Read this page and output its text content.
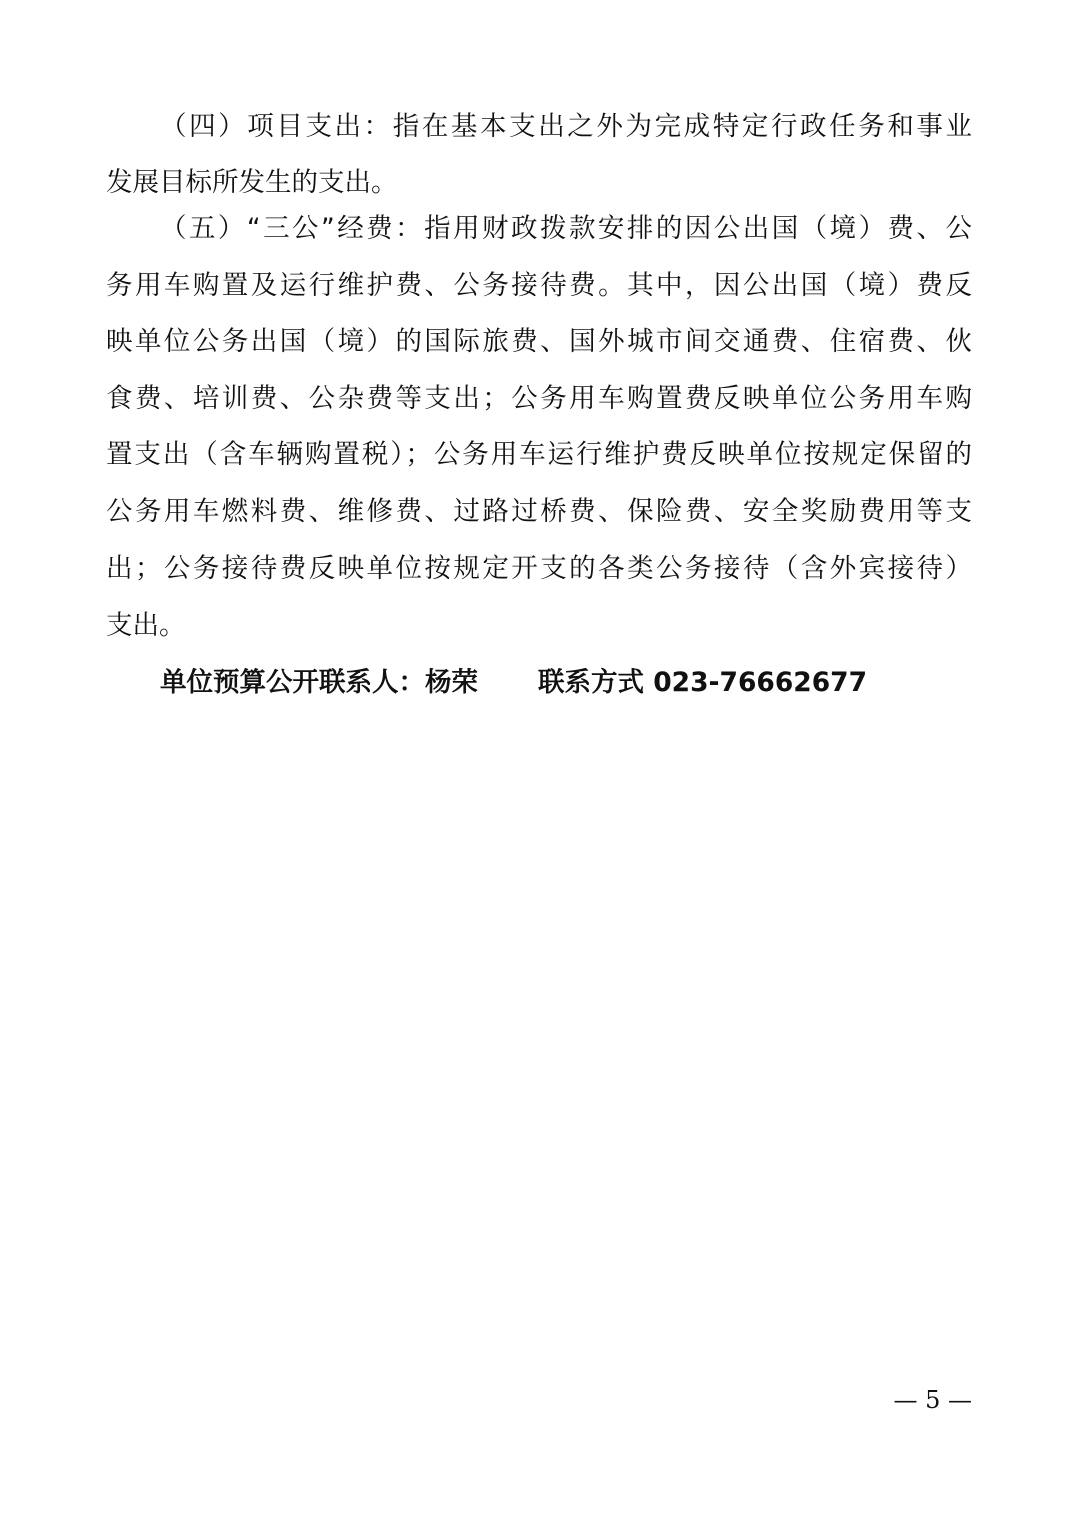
（四）项目支出：指在基本支出之外为完成特定行政任务和事业
发展目标所发生的支出。
（五）“三公”经费：指用财政拨款安排的因公出国（境）费、公
务用车购置及运行维护费、公务接待费。其中，因公出国（境）费反
映单位公务出国（境）的国际旅费、国外城市间交通费、住宿费、伙
食费、培训费、公杂费等支出；公务用车购置费反映单位公务用车购
置支出（含车辆购置税）；公务用车运行维护费反映单位按规定保留的
公务用车燃料费、维修费、过路过桥费、保险费、安全奖励费用等支
出；公务接待费反映单位按规定开支的各类公务接待（含外宾接待）
支出。
单位预算公开联系人：杨荣 联系方式 023-76662677
— 5 —
